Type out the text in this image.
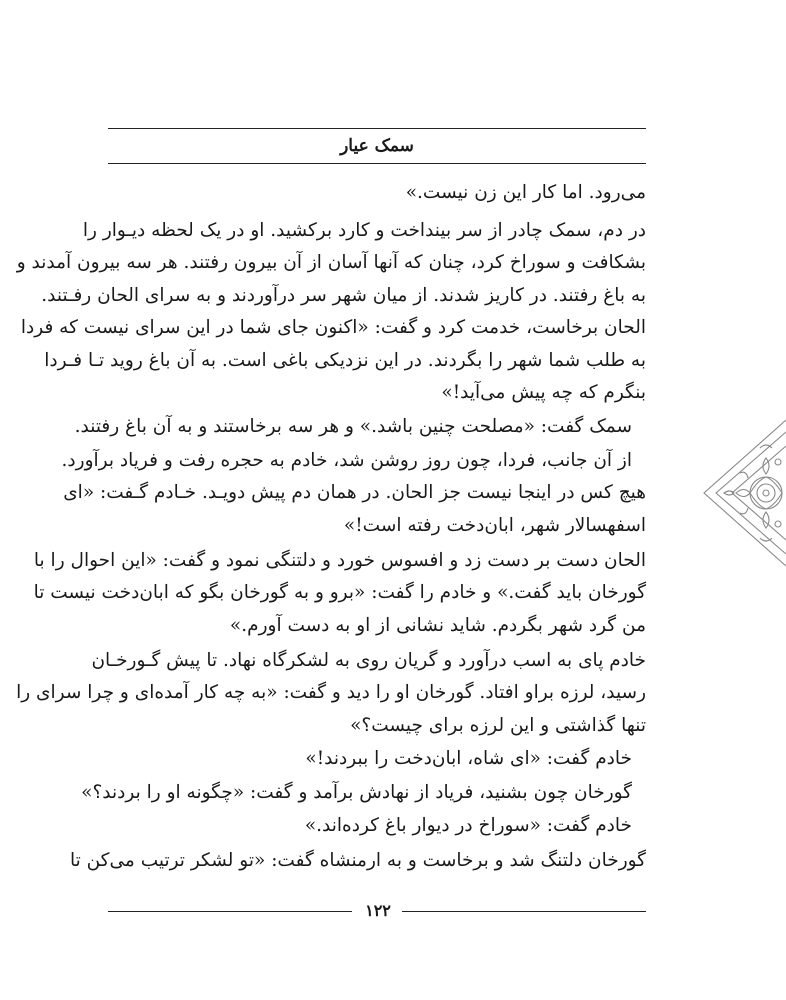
سمک عیار
می‌رود. اما کار این زن نیست.»
در دم، سمک چادر از سر بینداخت و کارد برکشید. او در یک لحظه دیـوار را
بشکافت و سوراخ کرد، چنان که آنها آسان از آن بیرون رفتند. هر سه بیرون آمدند و
به باغ رفتند. در کاریز شدند. از میان شهر سر درآوردند و به سرای الحان رفـتند.
الحان برخاست، خدمت کرد و گفت: «اکنون جای شما در این سرای نیست که فردا
به طلب شما شهر را بگردند. در این نزدیکی باغی است. به آن باغ روید تـا فـردا
بنگرم که چه پیش می‌آید!»
سمک گفت: «مصلحت چنین باشد.» و هر سه برخاستند و به آن باغ رفتند.
از آن جانب، فردا، چون روز روشن شد، خادم به حجره رفت و فریاد برآورد.
هیچ کس در اینجا نیست جز الحان. در همان دم پیش دویـد. خـادم گـفت: «ای
اسفهسالار شهر، ابان‌دخت رفته است!»
الحان دست بر دست زد و افسوس خورد و دلتنگی نمود و گفت: «این احوال را با
گورخان باید گفت.» و خادم را گفت: «برو و به گورخان بگو که ابان‌دخت نیست تا
من گرد شهر بگردم. شاید نشانی از او به دست آورم.»
خادم پای به اسب درآورد و گریان روی به لشکرگاه نهاد. تا پیش گـورخـان
رسید، لرزه براو افتاد. گورخان او را دید و گفت: «به چه کار آمده‌ای و چرا سرای را
تنها گذاشتی و این لرزه برای چیست؟»
خادم گفت: «ای شاه، ابان‌دخت را ببردند!»
گورخان چون بشنید، فریاد از نهادش برآمد و گفت: «چگونه او را بردند؟»
خادم گفت: «سوراخ در دیوار باغ کرده‌اند.»
گورخان دلتنگ شد و برخاست و به ارمنشاه گفت: «تو لشکر ترتیب می‌کن تا
۱۲۲
